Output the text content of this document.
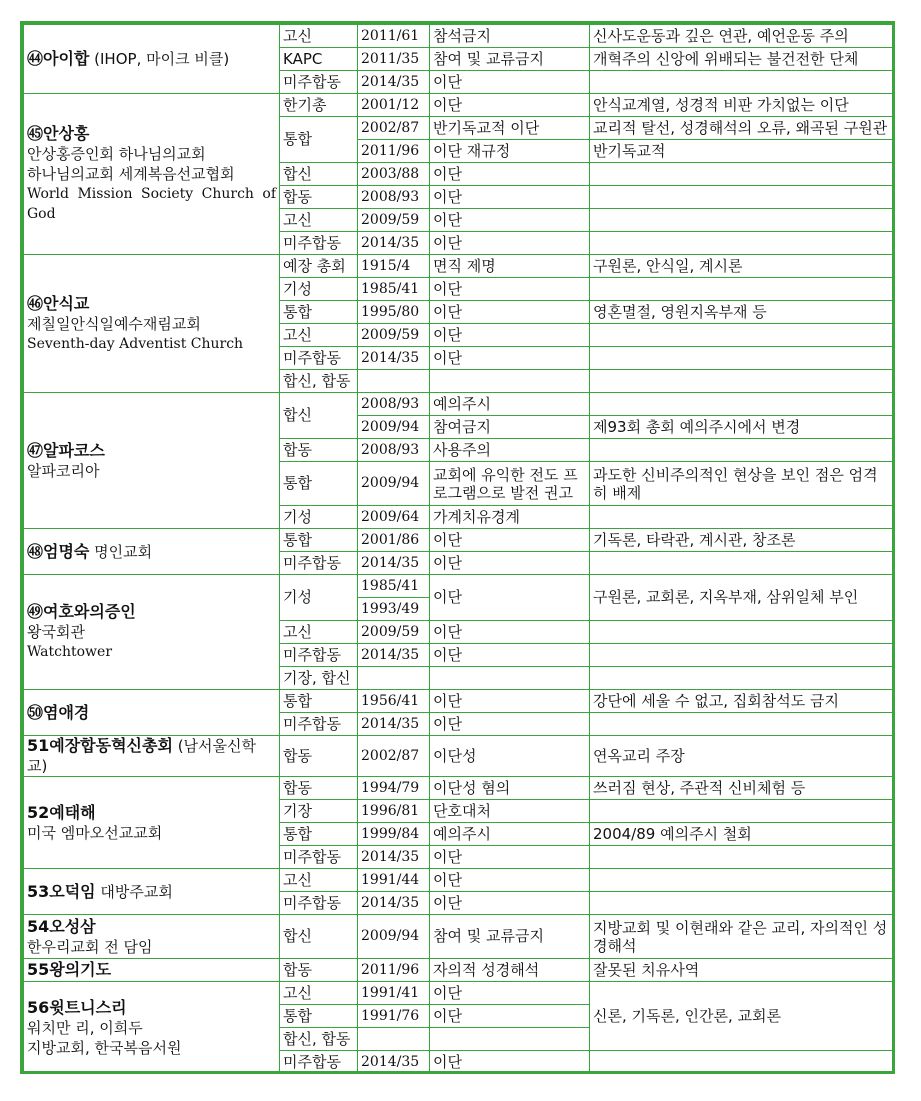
㊹아이합 (IHOP, 마이크 비클)	고신	2011/61	참석금지	신사도운동과 깊은 연관, 예언운동 주의
	KAPC	2011/35	참여 및 교류금지	개혁주의 신앙에 위배되는 불건전한 단체
	미주합동	2014/35	이단	

㊺안상홍
안상홍증인회 하나님의교회
하나님의교회 세계복음선교협회
World Mission Society Church of God	한기총	2001/12	이단	안식교계열, 성경적 비판 가치없는 이단
	통합	2002/87	반기독교적 이단	교리적 탈선, 성경해석의 오류, 왜곡된 구원관
		2011/96	이단 재규정	반기독교적
	합신	2003/88	이단	
	합동	2008/93	이단	
	고신	2009/59	이단	
	미주합동	2014/35	이단	

㊻안식교
제칠일안식일예수재림교회
Seventh-day Adventist Church	예장 총회	1915/4	면직 제명	구원론, 안식일, 계시론
	기성	1985/41	이단	
	통합	1995/80	이단	영혼멸절, 영원지옥부재 등
	고신	2009/59	이단	
	미주합동	2014/35	이단	
	합신, 합동			

㊼알파코스
알파코리아	합신	2008/93	예의주시	
		2009/94	참여금지	제93회 총회 예의주시에서 변경
	합동	2008/93	사용주의	
	통합	2009/94	교회에 유익한 전도 프로그램으로 발전 권고	과도한 신비주의적인 현상을 보인 점은 엄격히 배제
	기성	2009/64	가계치유경계	

㊽엄명숙 명인교회	통합	2001/86	이단	기독론, 타락관, 계시관, 창조론
	미주합동	2014/35	이단	

㊾여호와의증인
왕국회관
Watchtower	기성	1985/41	이단	구원론, 교회론, 지옥부재, 삼위일체 부인
		1993/49		
	고신	2009/59	이단	
	미주합동	2014/35	이단	
	기장, 합신			

㊿염애경	통합	1956/41	이단	강단에 세울 수 없고, 집회참석도 금지
	미주합동	2014/35	이단	

51예장합동혁신총회 (남서울신학교)	합동	2002/87	이단성	연옥교리 주장

52예태해
미국 엠마오선교교회	합동	1994/79	이단성 혐의	쓰러짐 현상, 주관적 신비체험 등
	기장	1996/81	단호대처	
	통합	1999/84	예의주시	2004/89 예의주시 철회
	미주합동	2014/35	이단	

53오덕임 대방주교회	고신	1991/44	이단	
	미주합동	2014/35	이단	

54오성삼
한우리교회 전 담임	합신	2009/94	참여 및 교류금지	지방교회 및 이현래와 같은 교리, 자의적인 성경해석

55왕의기도	합동	2011/96	자의적 성경해석	잘못된 치유사역

56윗트니스리
워치만 리, 이희두
지방교회, 한국복음서원	고신	1991/41	이단	신론, 기독론, 인간론, 교회론
	통합	1991/76	이단	
	합신, 합동			
	미주합동	2014/35	이단	
